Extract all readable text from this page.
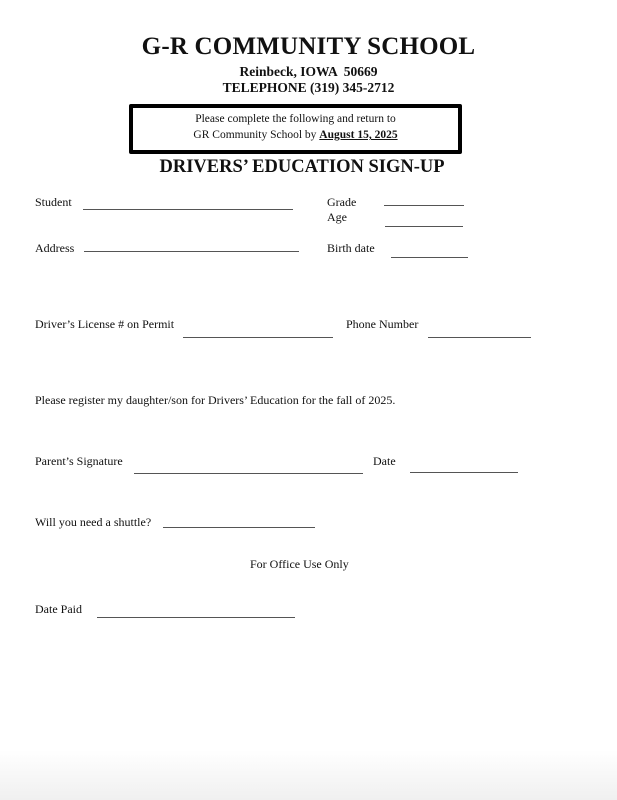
G-R COMMUNITY SCHOOL
Reinbeck, IOWA  50669
TELEPHONE (319) 345-2712
Please complete the following and return to
GR Community School by August 15, 2025
DRIVERS’ EDUCATION SIGN-UP
Student	Grade
Age
Address	Birth date
Driver’s License # on Permit	Phone Number
Please register my daughter/son for Drivers’ Education for the fall of 2025.
Parent’s Signature	Date
Will you need a shuttle?
For Office Use Only
Date Paid
